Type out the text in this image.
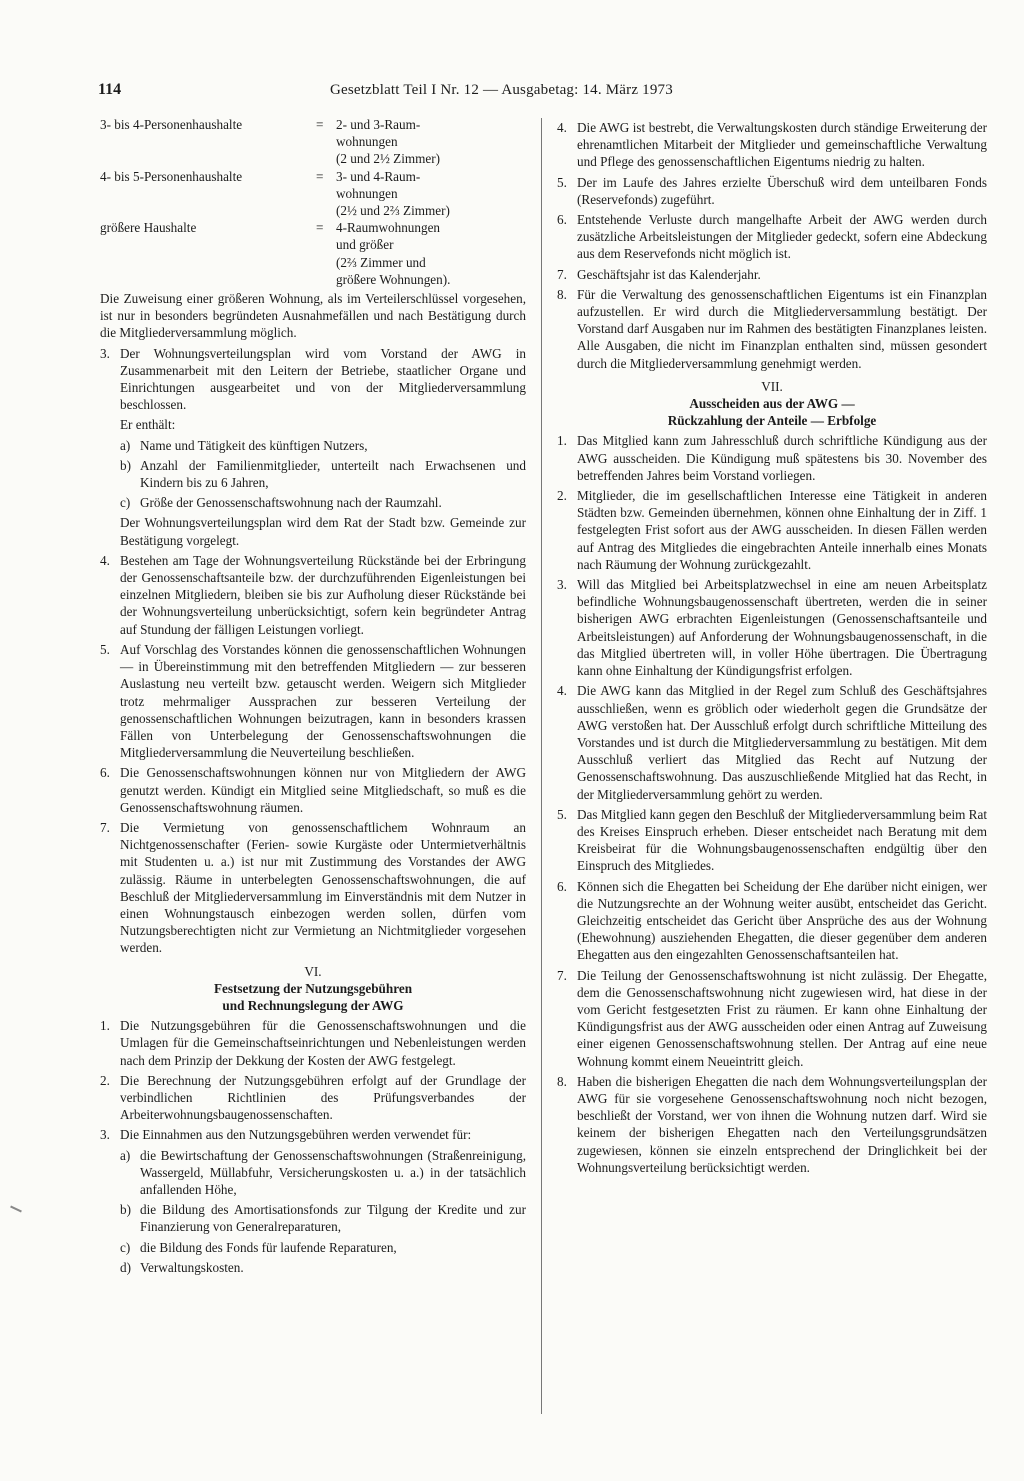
114	Gesetzblatt Teil I Nr. 12 — Ausgabetag: 14. März 1973
3- bis 4-Personenhaushalte	= 2- und 3-Raum-
wohnungen
(2 und 2½ Zimmer)
4- bis 5-Personenhaushalte	= 3- und 4-Raum-
wohnungen
(2½ und 2⅔ Zimmer)
größere Haushalte	= 4-Raumwohnungen
und größer
(2⅔ Zimmer und
größere Wohnungen).
Die Zuweisung einer größeren Wohnung, als im Verteilerschlüssel vorgesehen, ist nur in besonders begründeten Ausnahmefällen und nach Bestätigung durch die Mitgliederversammlung möglich.
3. Der Wohnungsverteilungsplan wird vom Vorstand der AWG in Zusammenarbeit mit den Leitern der Betriebe, staatlicher Organe und Einrichtungen ausgearbeitet und von der Mitgliederversammlung beschlossen.
Er enthält:
a) Name und Tätigkeit des künftigen Nutzers,
b) Anzahl der Familienmitglieder, unterteilt nach Erwachsenen und Kindern bis zu 6 Jahren,
c) Größe der Genossenschaftswohnung nach der Raumzahl.
Der Wohnungsverteilungsplan wird dem Rat der Stadt bzw. Gemeinde zur Bestätigung vorgelegt.
4. Bestehen am Tage der Wohnungsverteilung Rückstände bei der Erbringung der Genossenschaftsanteile bzw. der durchzuführenden Eigenleistungen bei einzelnen Mitgliedern, bleiben sie bis zur Aufholung dieser Rückstände bei der Wohnungsverteilung unberücksichtigt, sofern kein begründeter Antrag auf Stundung der fälligen Leistungen vorliegt.
5. Auf Vorschlag des Vorstandes können die genossenschaftlichen Wohnungen — in Übereinstimmung mit den betreffenden Mitgliedern — zur besseren Auslastung neu verteilt bzw. getauscht werden. Weigern sich Mitglieder trotz mehrmaliger Aussprachen zur besseren Verteilung der genossenschaftlichen Wohnungen beizutragen, kann in besonders krassen Fällen von Unterbelegung der Genossenschaftswohnungen die Mitgliederversammlung die Neuverteilung beschließen.
6. Die Genossenschaftswohnungen können nur von Mitgliedern der AWG genutzt werden. Kündigt ein Mitglied seine Mitgliedschaft, so muß es die Genossenschaftswohnung räumen.
7. Die Vermietung von genossenschaftlichem Wohnraum an Nichtgenossenschafter (Ferien- sowie Kurgäste oder Untermietverhältnis mit Studenten u. a.) ist nur mit Zustimmung des Vorstandes der AWG zulässig. Räume in unterbelegten Genossenschaftswohnungen, die auf Beschluß der Mitgliederversammlung im Einverständnis mit dem Nutzer in einen Wohnungstausch einbezogen werden sollen, dürfen vom Nutzungsberechtigten nicht zur Vermietung an Nichtmitglieder vorgesehen werden.
VI.
Festsetzung der Nutzungsgebühren
und Rechnungslegung der AWG
1. Die Nutzungsgebühren für die Genossenschaftswohnungen und die Umlagen für die Gemeinschaftseinrichtungen und Nebenleistungen werden nach dem Prinzip der Dekkung der Kosten der AWG festgelegt.
2. Die Berechnung der Nutzungsgebühren erfolgt auf der Grundlage der verbindlichen Richtlinien des Prüfungsverbandes der Arbeiterwohnungsbaugenossenschaften.
3. Die Einnahmen aus den Nutzungsgebühren werden verwendet für:
a) die Bewirtschaftung der Genossenschaftswohnungen (Straßenreinigung, Wassergeld, Müllabfuhr, Versicherungskosten u. a.) in der tatsächlich anfallenden Höhe,
b) die Bildung des Amortisationsfonds zur Tilgung der Kredite und zur Finanzierung von Generalreparaturen,
c) die Bildung des Fonds für laufende Reparaturen,
d) Verwaltungskosten.
4. Die AWG ist bestrebt, die Verwaltungskosten durch ständige Erweiterung der ehrenamtlichen Mitarbeit der Mitglieder und gemeinschaftliche Verwaltung und Pflege des genossenschaftlichen Eigentums niedrig zu halten.
5. Der im Laufe des Jahres erzielte Überschuß wird dem unteilbaren Fonds (Reservefonds) zugeführt.
6. Entstehende Verluste durch mangelhafte Arbeit der AWG werden durch zusätzliche Arbeitsleistungen der Mitglieder gedeckt, sofern eine Abdeckung aus dem Reservefonds nicht möglich ist.
7. Geschäftsjahr ist das Kalenderjahr.
8. Für die Verwaltung des genossenschaftlichen Eigentums ist ein Finanzplan aufzustellen. Er wird durch die Mitgliederversammlung bestätigt. Der Vorstand darf Ausgaben nur im Rahmen des bestätigten Finanzplanes leisten. Alle Ausgaben, die nicht im Finanzplan enthalten sind, müssen gesondert durch die Mitgliederversammlung genehmigt werden.
VII.
Ausscheiden aus der AWG —
Rückzahlung der Anteile — Erbfolge
1. Das Mitglied kann zum Jahresschluß durch schriftliche Kündigung aus der AWG ausscheiden. Die Kündigung muß spätestens bis 30. November des betreffenden Jahres beim Vorstand vorliegen.
2. Mitglieder, die im gesellschaftlichen Interesse eine Tätigkeit in anderen Städten bzw. Gemeinden übernehmen, können ohne Einhaltung der in Ziff. 1 festgelegten Frist sofort aus der AWG ausscheiden. In diesen Fällen werden auf Antrag des Mitgliedes die eingebrachten Anteile innerhalb eines Monats nach Räumung der Wohnung zurückgezahlt.
3. Will das Mitglied bei Arbeitsplatzwechsel in eine am neuen Arbeitsplatz befindliche Wohnungsbaugenossenschaft übertreten, werden die in seiner bisherigen AWG erbrachten Eigenleistungen (Genossenschaftsanteile und Arbeitsleistungen) auf Anforderung der Wohnungsbaugenossenschaft, in die das Mitglied übertreten will, in voller Höhe übertragen. Die Übertragung kann ohne Einhaltung der Kündigungsfrist erfolgen.
4. Die AWG kann das Mitglied in der Regel zum Schluß des Geschäftsjahres ausschließen, wenn es gröblich oder wiederholt gegen die Grundsätze der AWG verstoßen hat. Der Ausschluß erfolgt durch schriftliche Mitteilung des Vorstandes und ist durch die Mitgliederversammlung zu bestätigen. Mit dem Ausschluß verliert das Mitglied das Recht auf Nutzung der Genossenschaftswohnung. Das auszuschließende Mitglied hat das Recht, in der Mitgliederversammlung gehört zu werden.
5. Das Mitglied kann gegen den Beschluß der Mitgliederversammlung beim Rat des Kreises Einspruch erheben. Dieser entscheidet nach Beratung mit dem Kreisbeirat für die Wohnungsbaugenossenschaften endgültig über den Einspruch des Mitgliedes.
6. Können sich die Ehegatten bei Scheidung der Ehe darüber nicht einigen, wer die Nutzungsrechte an der Wohnung weiter ausübt, entscheidet das Gericht. Gleichzeitig entscheidet das Gericht über Ansprüche des aus der Wohnung (Ehewohnung) ausziehenden Ehegatten, die dieser gegenüber dem anderen Ehegatten aus den eingezahlten Genossenschaftsanteilen hat.
7. Die Teilung der Genossenschaftswohnung ist nicht zulässig. Der Ehegatte, dem die Genossenschaftswohnung nicht zugewiesen wird, hat diese in der vom Gericht festgesetzten Frist zu räumen. Er kann ohne Einhaltung der Kündigungsfrist aus der AWG ausscheiden oder einen Antrag auf Zuweisung einer eigenen Genossenschaftswohnung stellen. Der Antrag auf eine neue Wohnung kommt einem Neueintritt gleich.
8. Haben die bisherigen Ehegatten die nach dem Wohnungsverteilungsplan der AWG für sie vorgesehene Genossenschaftswohnung noch nicht bezogen, beschließt der Vorstand, wer von ihnen die Wohnung nutzen darf. Wird sie keinem der bisherigen Ehegatten nach den Verteilungsgrundsätzen zugewiesen, können sie einzeln entsprechend der Dringlichkeit bei der Wohnungsverteilung berücksichtigt werden.
